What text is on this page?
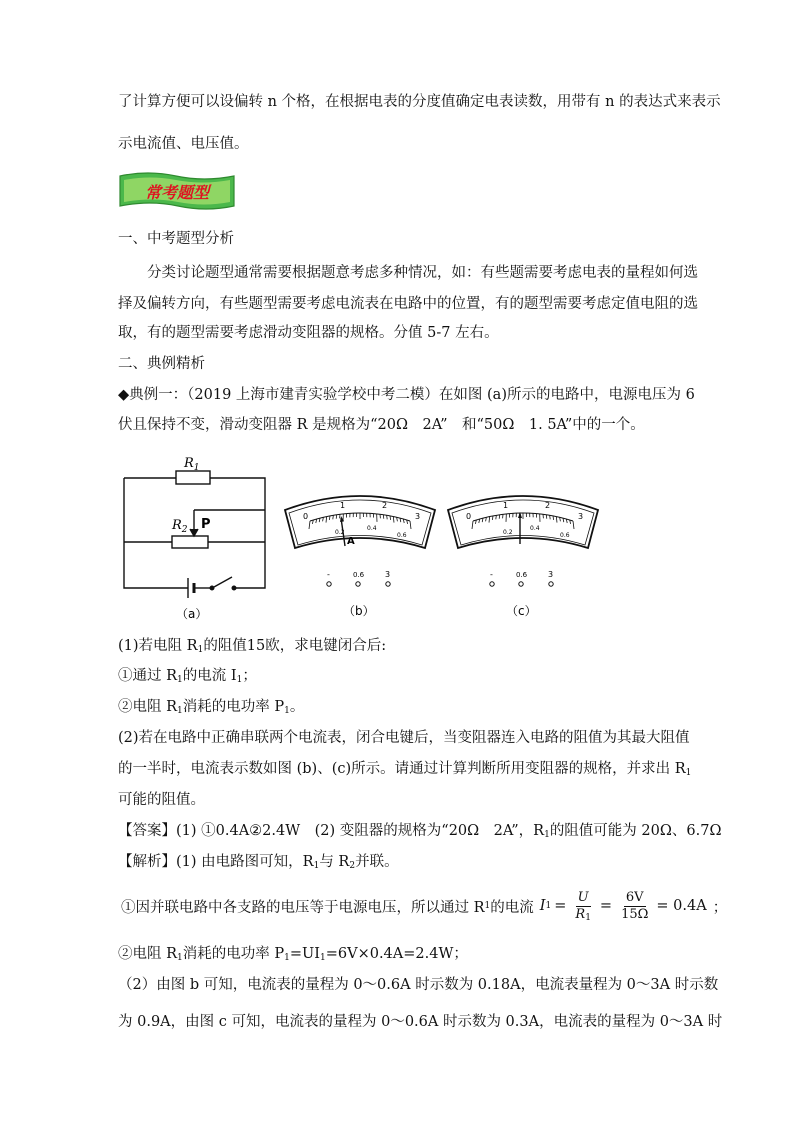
了计算方便可以设偏转 n 个格，在根据电表的分度值确定电表读数，用带有 n 的表达式来表示
示电流值、电压值。
常考题型
一、中考题型分析
分类讨论题型通常需要根据题意考虑多种情况，如：有些题需要考虑电表的量程如何选
择及偏转方向，有些题型需要考虑电流表在电路中的位置，有的题型需要考虑定值电阻的选
取，有的题型需要考虑滑动变阻器的规格。分值 5-7 左右。
二、典例精析
◆典例一：（2019 上海市建青实验学校中考二模）在如图 (a)所示的电路中，电源电压为 6
伏且保持不变，滑动变阻器 R 是规格为“20Ω　2A”　和“50Ω　1. 5A”中的一个。
$R_1$
$R_2$ P
（a）
0
1	2
3
0.2
0.4
0.6
A
-	0.6	3
（b）
0
1	2
3
0.2
0.4
0.6
-	0.6	3
（c）
(1)若电阻 $R_1$的阻值15欧，求电键闭合后:
①通过 $R_1$的电流 $I_1$；
②电阻 $R_1$消耗的电功率 $P_1$。
(2)若在电路中正确串联两个电流表，闭合电键后，当变阻器连入电路的阻值为其最大阻值
的一半时，电流表示数如图 (b)、(c)所示。请通过计算判断所用变阻器的规格，并求出 $R_1$
可能的阻值。
【答案】(1) ①0.4A②2.4W　(2) 变阻器的规格为“20Ω　2A”，$R_1$的阻值可能为 20Ω、6.7Ω
【解析】(1) 由电路图可知，$R_1$与 $R_2$并联。
①因并联电路中各支路的电压等于电源电压，所以通过 R 1 的电流 I $1 = \frac{U}{R_1} = \frac{6V}{15\Omega} = 0.4A$ ；
②电阻 $R_1$消耗的电功率 $P_1=UI_1=6V\times 0.4A=2.4W$；
（2）由图 b 可知，电流表的量程为 0～0.6A 时示数为 0.18A，电流表量程为 0～3A 时示数
为 0.9A，由图 c 可知，电流表的量程为 0～0.6A 时示数为 0.3A，电流表的量程为 0～3A 时
